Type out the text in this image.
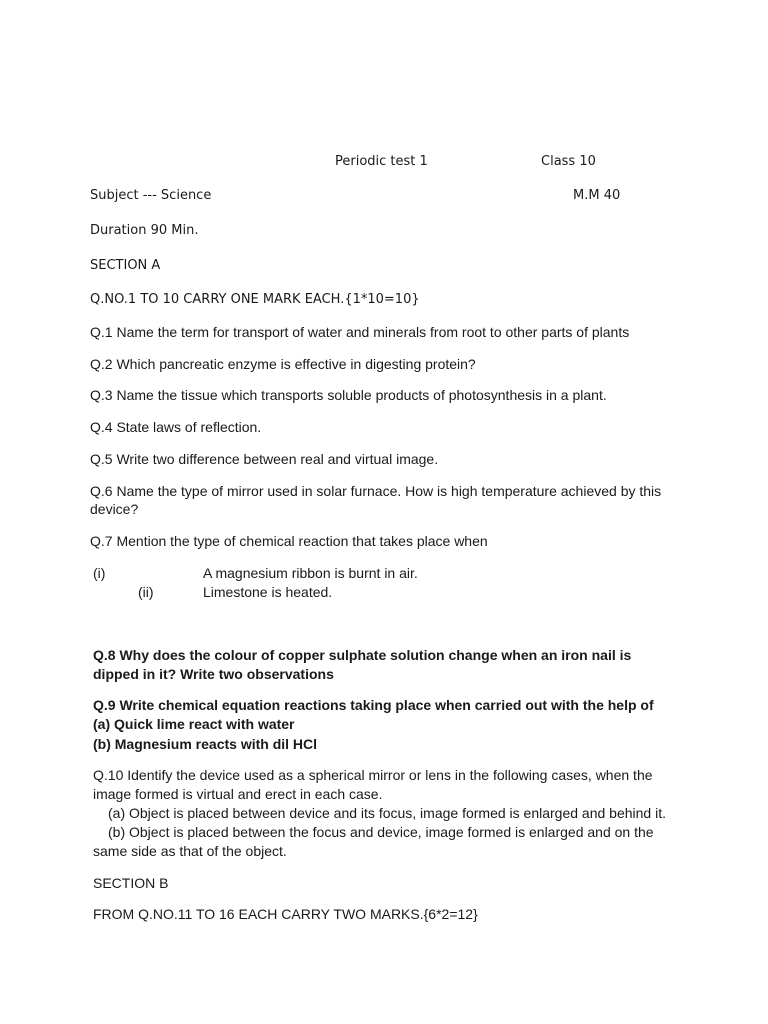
Periodic test 1	Class 10
Subject --- Science	M.M 40
Duration 90 Min.
SECTION A
Q.NO.1 TO 10 CARRY ONE MARK EACH.{1*10=10}
Q.1 Name the term for transport of water and minerals from root to other parts of plants
Q.2 Which pancreatic enzyme is effective in digesting protein?
Q.3 Name the tissue which transports soluble products of photosynthesis in a plant.
Q.4 State laws of reflection.
Q.5 Write two difference between real and virtual image.
Q.6 Name the type of mirror used in solar furnace. How is high temperature achieved by this
device?
Q.7 Mention the type of chemical reaction that takes place when
(i)	A magnesium ribbon is burnt in air.
(ii)	Limestone is heated.
Q.8 Why does the colour of copper sulphate solution change when an iron nail is
dipped in it? Write two observations
Q.9 Write chemical equation reactions taking place when carried out with the help of
(a) Quick lime react with water
(b) Magnesium reacts with dil HCl
Q.10 Identify the device used as a spherical mirror or lens in the following cases, when the
image formed is virtual and erect in each case.
(a) Object is placed between device and its focus, image formed is enlarged and behind it.
(b) Object is placed between the focus and device, image formed is enlarged and on the
same side as that of the object.
SECTION B
FROM Q.NO.11 TO 16 EACH CARRY TWO MARKS.{6*2=12}
